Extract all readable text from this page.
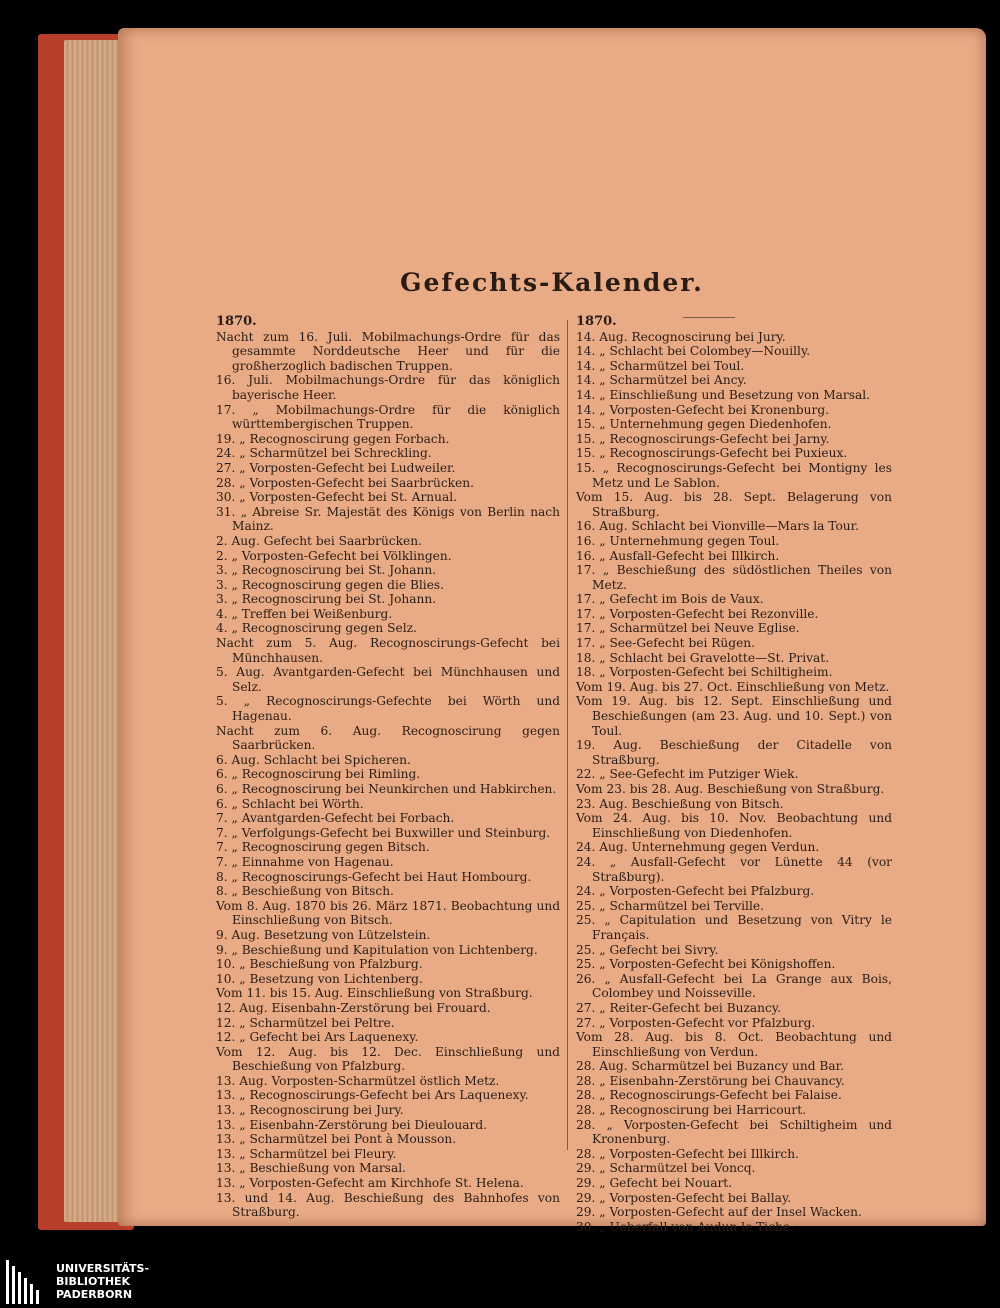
Gefechts-Kalender.
1870.
Nacht zum 16. Juli. Mobilmachungs-Ordre für das gesammte Norddeutsche Heer und für die großherzoglich badischen Truppen.
16. Juli. Mobilmachungs-Ordre für das königlich bayerische Heer.
17. „ Mobilmachungs-Ordre für die königlich württembergischen Truppen.
19. „ Recognoscirung gegen Forbach.
24. „ Scharmützel bei Schreckling.
27. „ Vorposten-Gefecht bei Ludweiler.
28. „ Vorposten-Gefecht bei Saarbrücken.
30. „ Vorposten-Gefecht bei St. Arnual.
31. „ Abreise Sr. Majestät des Königs von Berlin nach Mainz.
2. Aug. Gefecht bei Saarbrücken.
2. „ Vorposten-Gefecht bei Völklingen.
3. „ Recognoscirung bei St. Johann.
3. „ Recognoscirung gegen die Blies.
3. „ Recognoscirung bei St. Johann.
4. „ Treffen bei Weißenburg.
4. „ Recognoscirung gegen Selz.
Nacht zum 5. Aug. Recognoscirungs-Gefecht bei Münchhausen.
5. Aug. Avantgarden-Gefecht bei Münchhausen und Selz.
5. „ Recognoscirungs-Gefechte bei Wörth und Hagenau.
Nacht zum 6. Aug. Recognoscirung gegen Saarbrücken.
6. Aug. Schlacht bei Spicheren.
6. „ Recognoscirung bei Rimling.
6. „ Recognoscirung bei Neunkirchen und Habkirchen.
6. „ Schlacht bei Wörth.
7. „ Avantgarden-Gefecht bei Forbach.
7. „ Verfolgungs-Gefecht bei Buxwiller und Steinburg.
7. „ Recognoscirung gegen Bitsch.
7. „ Einnahme von Hagenau.
8. „ Recognoscirungs-Gefecht bei Haut Hombourg.
8. „ Beschießung von Bitsch.
Vom 8. Aug. 1870 bis 26. März 1871. Beobachtung und Einschließung von Bitsch.
9. Aug. Besetzung von Lützelstein.
9. „ Beschießung und Kapitulation von Lichtenberg.
10. „ Beschießung von Pfalzburg.
10. „ Besetzung von Lichtenberg.
Vom 11. bis 15. Aug. Einschließung von Straßburg.
12. Aug. Eisenbahn-Zerstörung bei Frouard.
12. „ Scharmützel bei Peltre.
12. „ Gefecht bei Ars Laquenexy.
Vom 12. Aug. bis 12. Dec. Einschließung und Beschießung von Pfalzburg.
13. Aug. Vorposten-Scharmützel östlich Metz.
13. „ Recognoscirungs-Gefecht bei Ars Laquenexy.
13. „ Recognoscirung bei Jury.
13. „ Eisenbahn-Zerstörung bei Dieulouard.
13. „ Scharmützel bei Pont à Mousson.
13. „ Scharmützel bei Fleury.
13. „ Beschießung von Marsal.
13. „ Vorposten-Gefecht am Kirchhofe St. Helena.
13. und 14. Aug. Beschießung des Bahnhofes von Straßburg.
1870.
14. Aug. Recognoscirung bei Jury.
14. „ Schlacht bei Colombey—Nouilly.
14. „ Scharmützel bei Toul.
14. „ Scharmützel bei Ancy.
14. „ Einschließung und Besetzung von Marsal.
14. „ Vorposten-Gefecht bei Kronenburg.
15. „ Unternehmung gegen Diedenhofen.
15. „ Recognoscirungs-Gefecht bei Jarny.
15. „ Recognoscirungs-Gefecht bei Puxieux.
15. „ Recognoscirungs-Gefecht bei Montigny les Metz und Le Sablon.
Vom 15. Aug. bis 28. Sept. Belagerung von Straßburg.
16. Aug. Schlacht bei Vionville—Mars la Tour.
16. „ Unternehmung gegen Toul.
16. „ Ausfall-Gefecht bei Illkirch.
17. „ Beschießung des südöstlichen Theiles von Metz.
17. „ Gefecht im Bois de Vaux.
17. „ Vorposten-Gefecht bei Rezonville.
17. „ Scharmützel bei Neuve Eglise.
17. „ See-Gefecht bei Rügen.
18. „ Schlacht bei Gravelotte—St. Privat.
18. „ Vorposten-Gefecht bei Schiltigheim.
Vom 19. Aug. bis 27. Oct. Einschließung von Metz.
Vom 19. Aug. bis 12. Sept. Einschließung und Beschießungen (am 23. Aug. und 10. Sept.) von Toul.
19. Aug. Beschießung der Citadelle von Straßburg.
22. „ See-Gefecht im Putziger Wiek.
Vom 23. bis 28. Aug. Beschießung von Straßburg.
23. Aug. Beschießung von Bitsch.
Vom 24. Aug. bis 10. Nov. Beobachtung und Einschließung von Diedenhofen.
24. Aug. Unternehmung gegen Verdun.
24. „ Ausfall-Gefecht vor Lünette 44 (vor Straßburg).
24. „ Vorposten-Gefecht bei Pfalzburg.
25. „ Scharmützel bei Terville.
25. „ Capitulation und Besetzung von Vitry le Français.
25. „ Gefecht bei Sivry.
25. „ Vorposten-Gefecht bei Königshoffen.
26. „ Ausfall-Gefecht bei La Grange aux Bois, Colombey und Noisseville.
27. „ Reiter-Gefecht bei Buzancy.
27. „ Vorposten-Gefecht vor Pfalzburg.
Vom 28. Aug. bis 8. Oct. Beobachtung und Einschließung von Verdun.
28. Aug. Scharmützel bei Buzancy und Bar.
28. „ Eisenbahn-Zerstörung bei Chauvancy.
28. „ Recognoscirungs-Gefecht bei Falaise.
28. „ Recognoscirung bei Harricourt.
28. „ Vorposten-Gefecht bei Schiltigheim und Kronenburg.
28. „ Vorposten-Gefecht bei Illkirch.
29. „ Scharmützel bei Voncq.
29. „ Gefecht bei Nouart.
29. „ Vorposten-Gefecht bei Ballay.
29. „ Vorposten-Gefecht auf der Insel Wacken.
30. „ Ueberfall von Audun le Tiche.
UNIVERSITÄTS-
BIBLIOTHEK
PADERBORN
